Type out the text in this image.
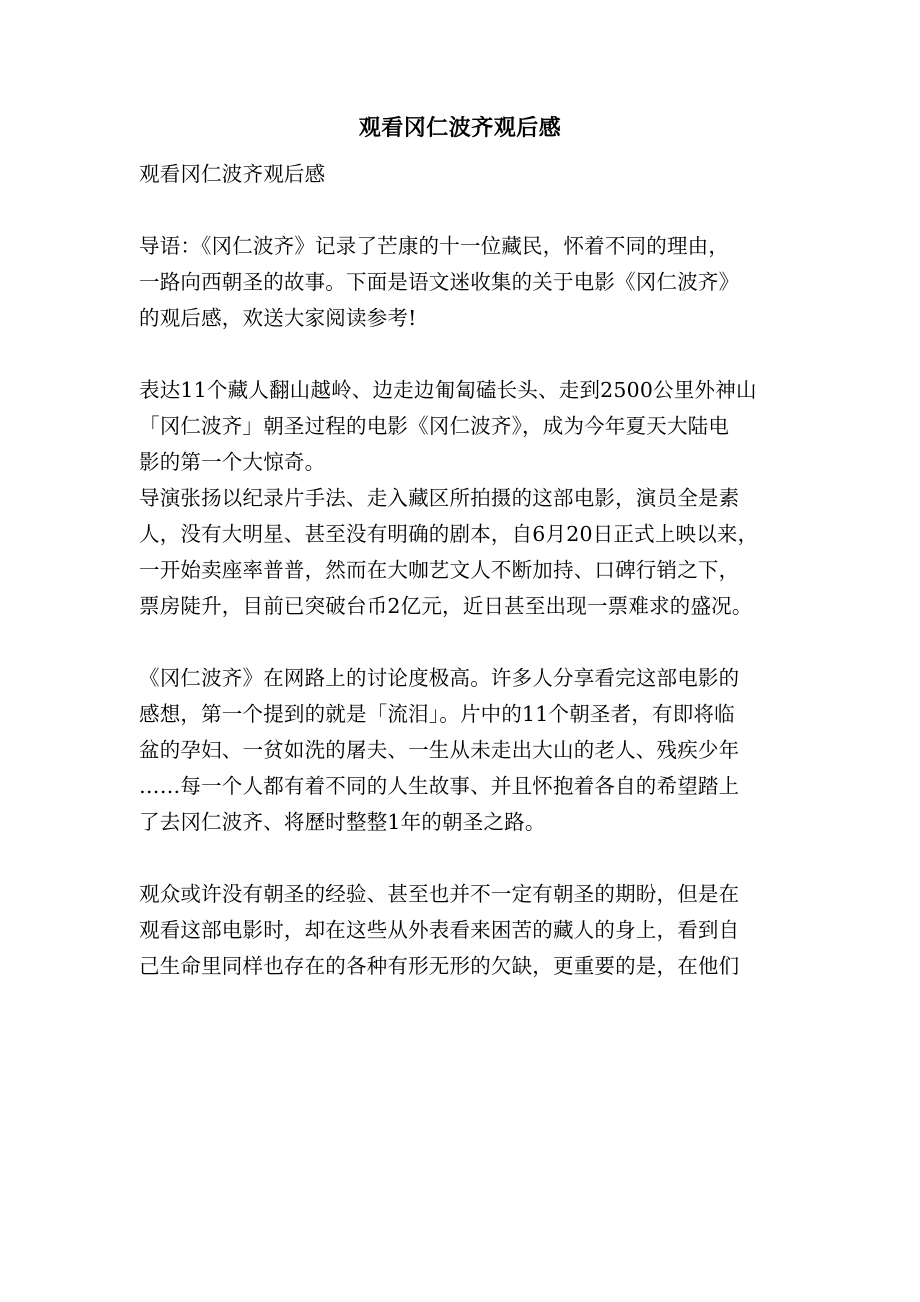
观看冈仁波齐观后感
观看冈仁波齐观后感
导语：《冈仁波齐》记录了芒康的十一位藏民，怀着不同的理由，
一路向西朝圣的故事。下面是语文迷收集的关于电影《冈仁波齐》
的观后感，欢送大家阅读参考!
表达11个藏人翻山越岭、边走边匍匐磕长头、走到2500公里外神山
「冈仁波齐」朝圣过程的电影《冈仁波齐》，成为今年夏天大陆电
影的第一个大惊奇。
导演张扬以纪录片手法、走入藏区所拍摄的这部电影，演员全是素
人，没有大明星、甚至没有明确的剧本，自6月20日正式上映以来，
一开始卖座率普普，然而在大咖艺文人不断加持、口碑行销之下，
票房陡升，目前已突破台币2亿元，近日甚至出现一票难求的盛况。
《冈仁波齐》在网路上的讨论度极高。许多人分享看完这部电影的
感想，第一个提到的就是「流泪」。片中的11个朝圣者，有即将临
盆的孕妇、一贫如洗的屠夫、一生从未走出大山的老人、残疾少年
……每一个人都有着不同的人生故事、并且怀抱着各自的希望踏上
了去冈仁波齐、将歷时整整1年的朝圣之路。
观众或许没有朝圣的经验、甚至也并不一定有朝圣的期盼，但是在
观看这部电影时，却在这些从外表看来困苦的藏人的身上，看到自
己生命里同样也存在的各种有形无形的欠缺，更重要的是，在他们
